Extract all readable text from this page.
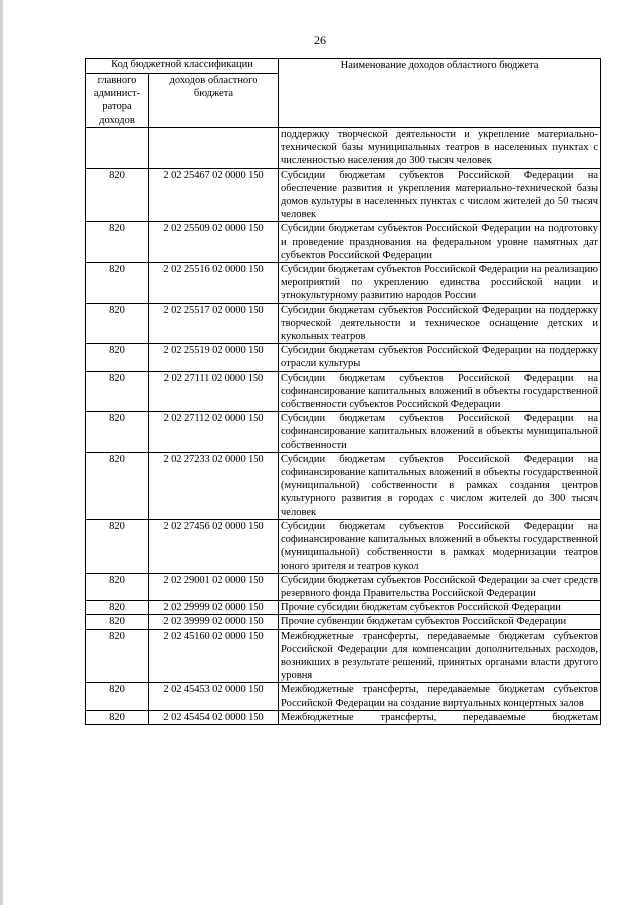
26
Код бюджетной классификации		Наименование доходов областного бюджета
главного админист-ратора доходов	доходов областного бюджета	
		поддержку творческой деятельности и укрепление материально-технической базы муниципальных театров в населенных пунктах с численностью населения до 300 тысяч человек
820	2 02 25467 02 0000 150	Субсидии бюджетам субъектов Российской Федерации на обеспечение развития и укрепления материально-технической базы домов культуры в населенных пунктах с числом жителей до 50 тысяч человек
820	2 02 25509 02 0000 150	Субсидии бюджетам субъектов Российской Федерации на подготовку и проведение празднования на федеральном уровне памятных дат субъектов Российской Федерации
820	2 02 25516 02 0000 150	Субсидии бюджетам субъектов Российской Федерации на реализацию мероприятий по укреплению единства российской нации и этнокультурному развитию народов России
820	2 02 25517 02 0000 150	Субсидии бюджетам субъектов Российской Федерации на поддержку творческой деятельности и техническое оснащение детских и кукольных театров
820	2 02 25519 02 0000 150	Субсидии бюджетам субъектов Российской Федерации на поддержку отрасли культуры
820	2 02 27111 02 0000 150	Субсидии бюджетам субъектов Российской Федерации на софинансирование капитальных вложений в объекты государственной собственности субъектов Российской Федерации
820	2 02 27112 02 0000 150	Субсидии бюджетам субъектов Российской Федерации на софинансирование капитальных вложений в объекты муниципальной собственности
820	2 02 27233 02 0000 150	Субсидии бюджетам субъектов Российской Федерации на софинансирование капитальных вложений в объекты государственной (муниципальной) собственности в рамках создания центров культурного развития в городах с числом жителей до 300 тысяч человек
820	2 02 27456 02 0000 150	Субсидии бюджетам субъектов Российской Федерации на софинансирование капитальных вложений в объекты государственной (муниципальной) собственности в рамках модернизации театров юного зрителя и театров кукол
820	2 02 29001 02 0000 150	Субсидии бюджетам субъектов Российской Федерации за счет средств резервного фонда Правительства Российской Федерации
820	2 02 29999 02 0000 150	Прочие субсидии бюджетам субъектов Российской Федерации
820	2 02 39999 02 0000 150	Прочие субвенции бюджетам субъектов Российской Федерации
820	2 02 45160 02 0000 150	Межбюджетные трансферты, передаваемые бюджетам субъектов Российской Федерации для компенсации дополнительных расходов, возникших в результате решений, принятых органами власти другого уровня
820	2 02 45453 02 0000 150	Межбюджетные трансферты, передаваемые бюджетам субъектов Российской Федерации на создание виртуальных концертных залов
820	2 02 45454 02 0000 150	Межбюджетные трансферты, передаваемые бюджетам
